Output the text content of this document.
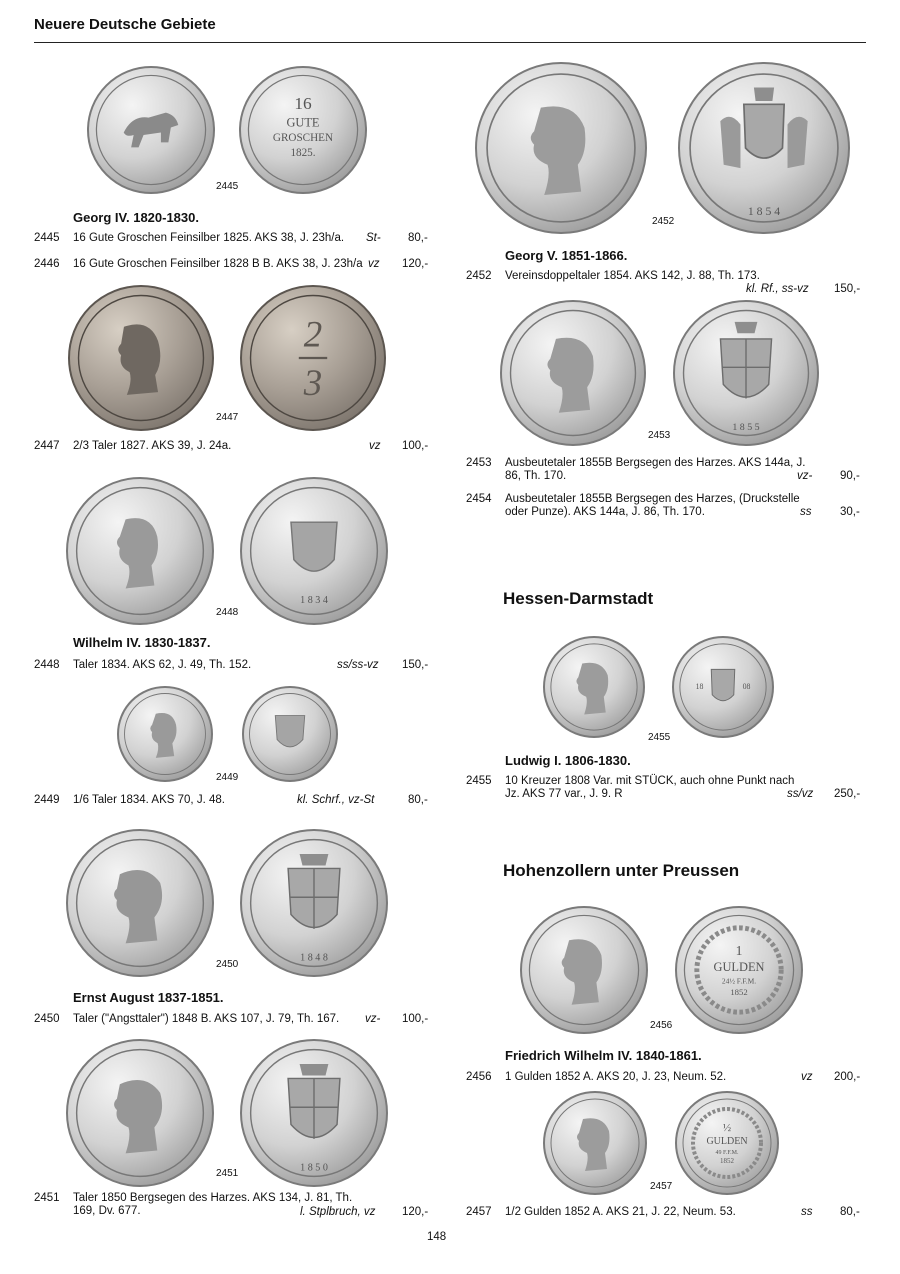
Neuere Deutsche Gebiete
16
GUTE
GROSCHEN
1825.
2445
Georg IV. 1820-1830.
2445 16 Gute Groschen Feinsilber 1825. AKS 38, J. 23h/a. St- 80,-
2446 16 Gute Groschen Feinsilber 1828 B B. AKS 38, J. 23h/a vz 120,-
2
3
2447
2447 2/3 Taler 1827. AKS 39, J. 24a.	vz 100,-
1 8 3 4
2448
Wilhelm IV. 1830-1837.
2448 Taler 1834. AKS 62, J. 49, Th. 152.	ss/ss-vz 150,-
2449
2449 1/6 Taler 1834. AKS 70, J. 48.	kl. Schrf., vz-St	80,-
1 8 4 8
2450
Ernst August 1837-1851.
2450 Taler ("Angsttaler") 1848 B. AKS 107, J. 79, Th. 167. vz- 100,-
1 8 5 0
2451
2451 Taler 1850 Bergsegen des Harzes. AKS 134, J. 81, Th.
169, Dv. 677.	l. Stplbruch, vz 120,-
1 8 5 4
2452
Georg V. 1851-1866.
2452 Vereinsdoppeltaler 1854. AKS 142, J. 88, Th. 173.
kl. Rf., ss-vz 150,-
1 8 5 5
2453
2453 Ausbeutetaler 1855B Bergsegen des Harzes. AKS 144a, J.
86, Th. 170.	vz- 90,-
2454 Ausbeutetaler 1855B Bergsegen des Harzes, (Druckstelle
oder Punze). AKS 144a, J. 86, Th. 170.	ss 30,-
Hessen-Darmstadt
18	08
2455
Ludwig I. 1806-1830.
2455 10 Kreuzer 1808 Var. mit STÜCK, auch ohne Punkt nach
Jz. AKS 77 var., J. 9. R	ss/vz 250,-
Hohenzollern unter Preussen
1
GULDEN
24½ F.F.M.
1852
2456
Friedrich Wilhelm IV. 1840-1861.
2456 1 Gulden 1852 A. AKS 20, J. 23, Neum. 52.	vz 200,-
½
GULDEN
49 F.F.M.
1852
2457
2457 1/2 Gulden 1852 A. AKS 21, J. 22, Neum. 53.	ss 80,-
148
